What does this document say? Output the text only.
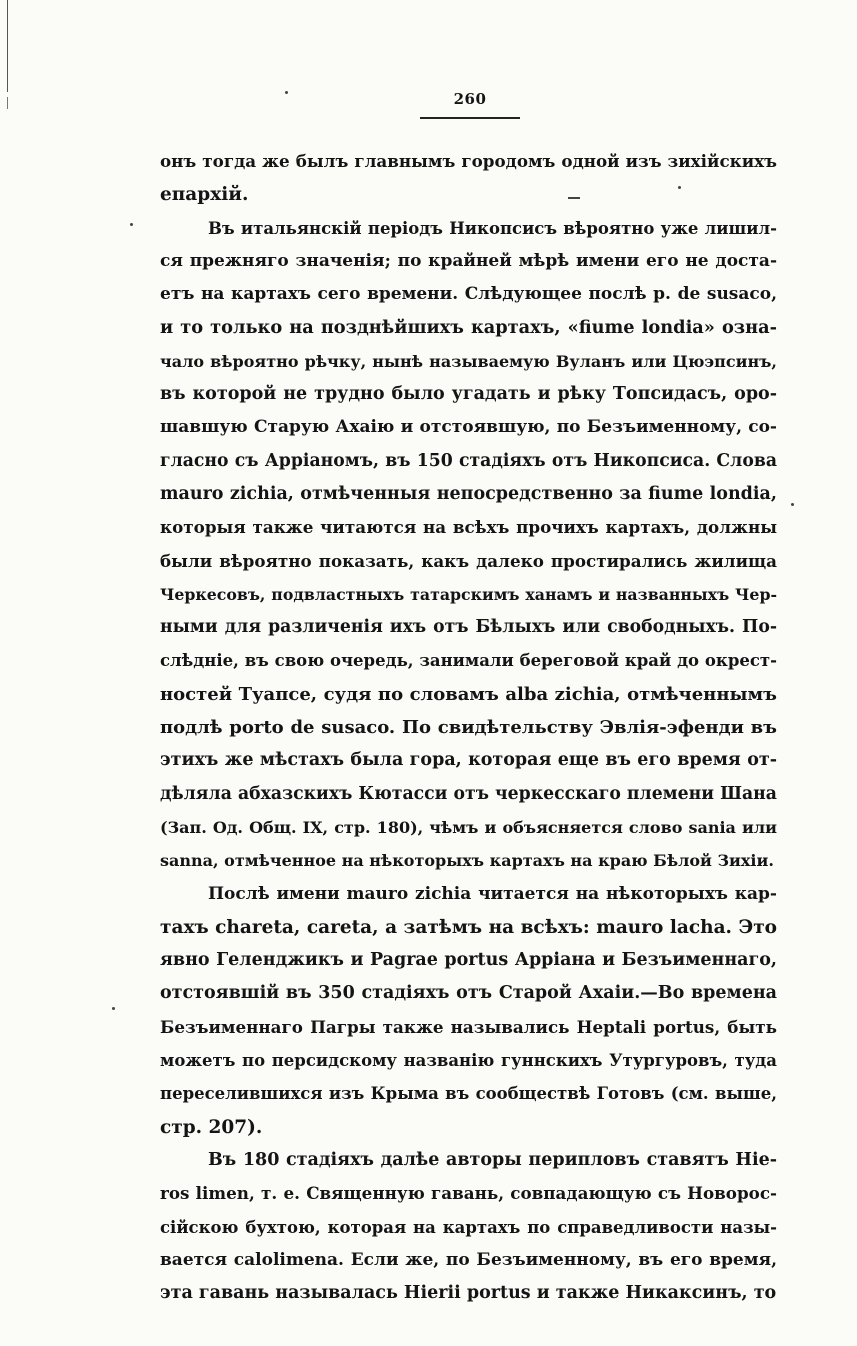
260
онъ тогда же былъ главнымъ городомъ одной изъ зихійскихъ
епархій.
Въ итальянскій періодъ Никопсисъ вѣроятно уже лишил-
ся прежняго значенія; по крайней мѣрѣ имени его не доста-
етъ на картахъ сего времени. Слѣдующее послѣ р. de susaco,
и то только на позднѣйшихъ картахъ, «fiume londia» озна-
чало вѣроятно рѣчку, нынѣ называемую Вуланъ или Цюэпсинъ,
въ которой не трудно было угадать и рѣку Топсидасъ, оро-
шавшую Старую Ахаію и отстоявшую, по Безъименному, со-
гласно съ Арріаномъ, въ 150 стадіяхъ отъ Никопсиса. Слова
mauro zichia, отмѣченныя непосредственно за fiume londia,
которыя также читаются на всѣхъ прочихъ картахъ, должны
были вѣроятно показать, какъ далеко простирались жилища
Черкесовъ, подвластныхъ татарскимъ ханамъ и названныхъ Чер-
ными для различенія ихъ отъ Бѣлыхъ или свободныхъ. По-
слѣдніе, въ свою очередь, занимали береговой край до окрест-
ностей Туапсе, судя по словамъ alba zichia, отмѣченнымъ
подлѣ porto de susaco. По свидѣтельству Эвлія-эфенди въ
этихъ же мѣстахъ была гора, которая еще въ его время от-
дѣляла абхазскихъ Кютасси отъ черкесскаго племени Шана
(Зап. Од. Общ. IX, стр. 180), чѣмъ и объясняется слово sania или
sanna, отмѣченное на нѣкоторыхъ картахъ на краю Бѣлой Зихіи.
Послѣ имени mauro zichia читается на нѣкоторыхъ кар-
тахъ chareta, careta, а затѣмъ на всѣхъ: mauro lacha. Это
явно Геленджикъ и Pagrae portus Арріана и Безъименнаго,
отстоявшій въ 350 стадіяхъ отъ Старой Ахаіи.—Во времена
Безъименнаго Пагры также назывались Heptali portus, быть
можетъ по персидскому названію гуннскихъ Утургуровъ, туда
переселившихся изъ Крыма въ сообществѣ Готовъ (см. выше,
стр. 207).
Въ 180 стадіяхъ далѣе авторы перипловъ ставятъ Hie-
ros limen, т. е. Священную гавань, совпадающую съ Новорос-
сійскою бухтою, которая на картахъ по справедливости назы-
вается calolimena. Если же, по Безъименному, въ его время,
эта гавань называлась Hierii portus и также Никаксинъ, то
